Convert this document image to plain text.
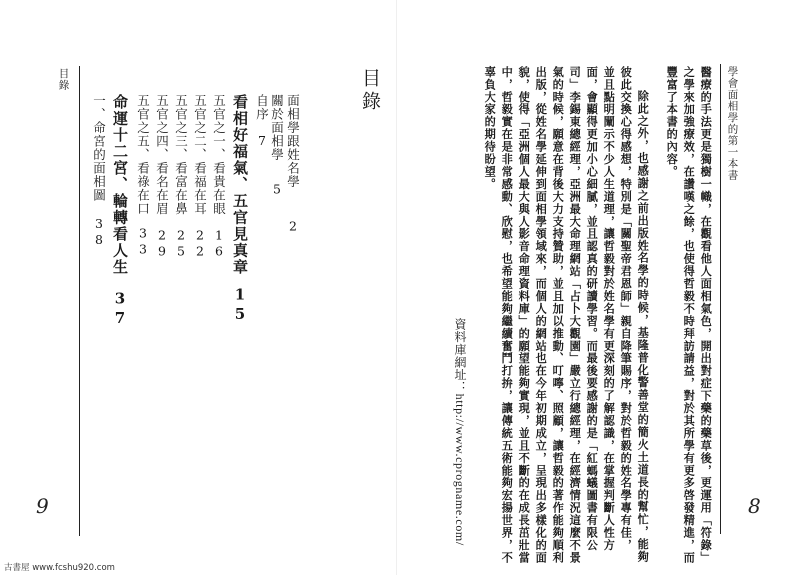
目錄	目錄
面相學跟姓名學2
關於面相學5
自序7
看相好福氣、五官見真章15
五官之一、看貴在眼16
五官之二、看福在耳22
五官之三、看富在鼻25
五官之四、看名在眉29
五官之五、看祿在口33
命運十二宮、輪轉看人生37
一、命宮的面相圖38
9
學會面相學的第一本書
醫療的手法更是獨樹一幟，在觀看他人面相氣色，開出對症下藥的藥草後，更運用「符錄」
之學來加強療效，在讚嘆之餘，也使得哲毅不時拜訪請益，對於其所學有更多啓發精進，而
豐富了本書的內容。
除此之外，也感謝之前出版姓名學的時候，基隆普化警善堂的簡火土道長的幫忙，能夠
彼此交換心得感想，特別是「關聖帝君恩師」親自降筆賜序，對於哲毅的姓名學專有佳，
並且點明闡示不少人生道理，讓哲毅對於姓名學有更深刻的了解認識，在掌握判斷人性方
面，會顯得更加小心細膩，並且認真的研讀學習。而最後要感謝的是「紅螞蟻圖書有限公
司」李錫東總經理，亞洲最大命理網站「占卜大觀園」嚴立行總經理，在經濟情況這麼不景
氣的時候，願意在背後大力支持贊助，並且加以推動、叮嚀、照顧，讓哲毅的著作能夠順利
出版，從姓名學延伸到面相學領域來，而個人的網站也在今年初期成立，呈現出多樣化的面
貌，使得「亞洲個人最大與人影音命理資料庫」的願望能夠實現，並且不斷的在成長茁壯當
中，哲毅實在是非常感動、欣慰，也希望能夠繼續奮鬥打拚，讓傳統五術能夠宏揚世界，不
辜負大家的期待盼望。
資料庫網址：http://www.cprogname.com/	8
古書屋 www.fcshu920.com
